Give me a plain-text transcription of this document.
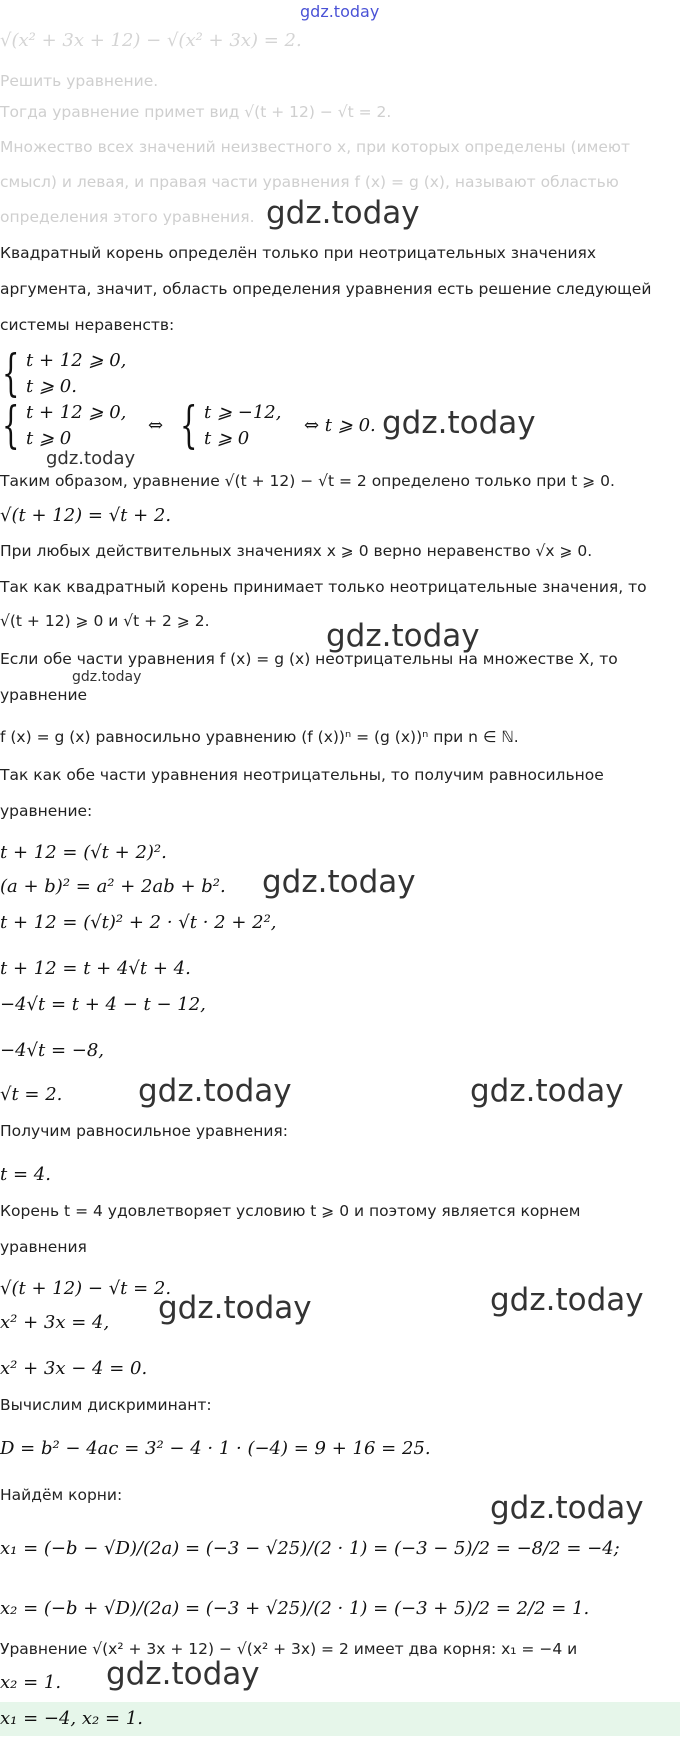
gdz.today
√(x² + 3x + 12) − √(x² + 3x) = 2.
Решить уравнение.
Тогда уравнение примет вид √(t + 12) − √t = 2.
Множество всех значений неизвестного x, при которых определены (имеют
смысл) и левая, и правая части уравнения f (x) = g (x), называют областью
определения этого уравнения. gdz.today
Квадратный корень определён только при неотрицательных значениях
аргумента, значит, область определения уравнения есть решение следующей
системы неравенств:
{ t + 12 ⩾ 0,
t ⩾ 0.
{ t + 12 ⩾ 0,
t ⩾ 0
⇔ { t ⩾ −12,
t ⩾ 0
⇔ t ⩾ 0. gdz.today
gdz.today
Таким образом, уравнение √(t + 12) − √t = 2 определено только при t ⩾ 0.
√(t + 12) = √t + 2.
При любых действительных значениях x ⩾ 0 верно неравенство √x ⩾ 0.
Так как квадратный корень принимает только неотрицательные значения, то
√(t + 12) ⩾ 0 и √t + 2 ⩾ 2.	gdz.today
Если обе части уравнения f (x) = g (x) неотрицательны на множестве X, то
gdz.today
уравнение
f (x) = g (x) равносильно уравнению (f (x))ⁿ = (g (x))ⁿ при n ∈ ℕ.
Так как обе части уравнения неотрицательны, то получим равносильное
уравнение:
t + 12 = (√t + 2)².
(a + b)² = a² + 2ab + b². gdz.today
t + 12 = (√t)² + 2 · √t · 2 + 2²,
t + 12 = t + 4√t + 4.
−4√t = t + 4 − t − 12,
−4√t = −8,
√t = 2. gdz.today	gdz.today
Получим равносильное уравнения:
t = 4.
Корень t = 4 удовлетворяет условию t ⩾ 0 и поэтому является корнем
уравнения
√(t + 12) − √t = 2.
gdz.today	gdz.today
x² + 3x = 4,
x² + 3x − 4 = 0.
Вычислим дискриминант:
D = b² − 4ac = 3² − 4 · 1 · (−4) = 9 + 16 = 25.
Найдём корни:	gdz.today
x₁ = (−b − √D)/(2a) = (−3 − √25)/(2 · 1) = (−3 − 5)/2 = −8/2 = −4;
x₂ = (−b + √D)/(2a) = (−3 + √25)/(2 · 1) = (−3 + 5)/2 = 2/2 = 1.
Уравнение √(x² + 3x + 12) − √(x² + 3x) = 2 имеет два корня: x₁ = −4 и
x₂ = 1. gdz.today
x₁ = −4, x₂ = 1.
